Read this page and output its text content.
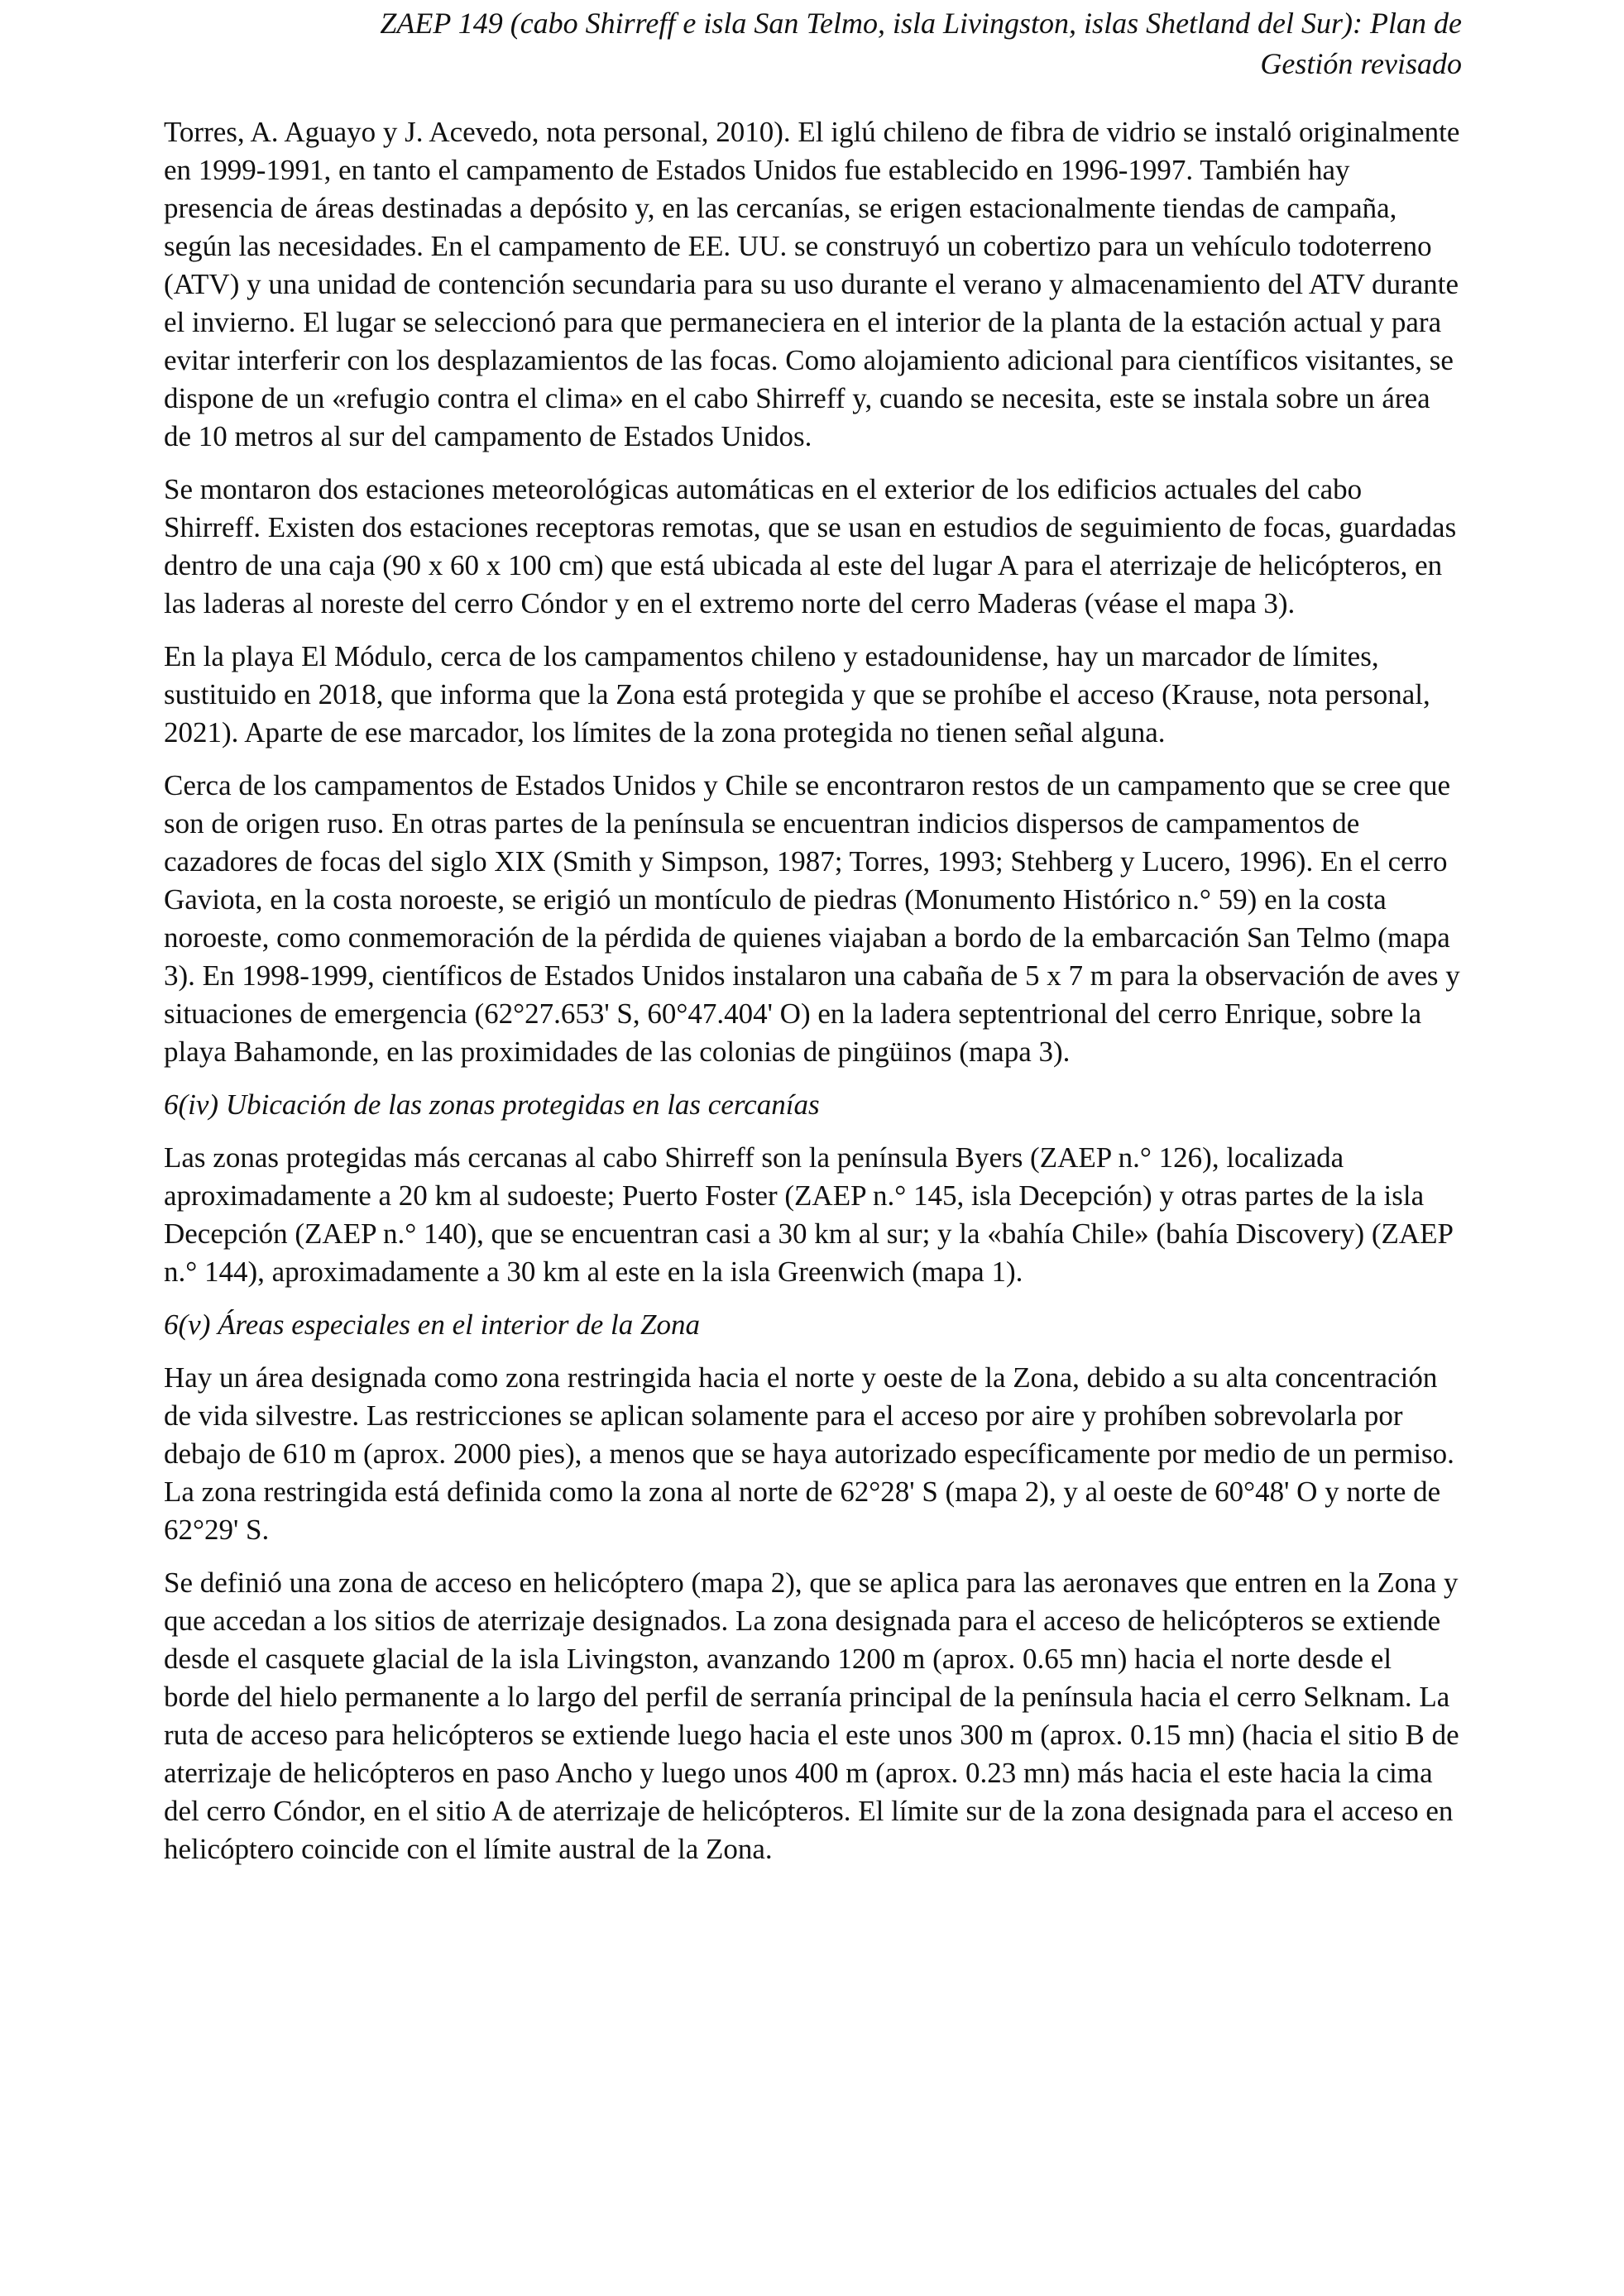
ZAEP 149 (cabo Shirreff e isla San Telmo, isla Livingston, islas Shetland del Sur): Plan de
Gestión revisado

Torres, A. Aguayo y J. Acevedo, nota personal, 2010). El iglú chileno de fibra de vidrio se instaló originalmente en 1999-1991, en tanto el campamento de Estados Unidos fue establecido en 1996-1997. También hay presencia de áreas destinadas a depósito y, en las cercanías, se erigen estacionalmente tiendas de campaña, según las necesidades. En el campamento de EE. UU. se construyó un cobertizo para un vehículo todoterreno (ATV) y una unidad de contención secundaria para su uso durante el verano y almacenamiento del ATV durante el invierno. El lugar se seleccionó para que permaneciera en el interior de la planta de la estación actual y para evitar interferir con los desplazamientos de las focas. Como alojamiento adicional para científicos visitantes, se dispone de un «refugio contra el clima» en el cabo Shirreff y, cuando se necesita, este se instala sobre un área de 10 metros al sur del campamento de Estados Unidos.

Se montaron dos estaciones meteorológicas automáticas en el exterior de los edificios actuales del cabo Shirreff. Existen dos estaciones receptoras remotas, que se usan en estudios de seguimiento de focas, guardadas dentro de una caja (90 x 60 x 100 cm) que está ubicada al este del lugar A para el aterrizaje de helicópteros, en las laderas al noreste del cerro Cóndor y en el extremo norte del cerro Maderas (véase el mapa 3).

En la playa El Módulo, cerca de los campamentos chileno y estadounidense, hay un marcador de límites, sustituido en 2018, que informa que la Zona está protegida y que se prohíbe el acceso (Krause, nota personal, 2021). Aparte de ese marcador, los límites de la zona protegida no tienen señal alguna.

Cerca de los campamentos de Estados Unidos y Chile se encontraron restos de un campamento que se cree que son de origen ruso. En otras partes de la península se encuentran indicios dispersos de campamentos de cazadores de focas del siglo XIX (Smith y Simpson, 1987; Torres, 1993; Stehberg y Lucero, 1996). En el cerro Gaviota, en la costa noroeste, se erigió un montículo de piedras (Monumento Histórico n.° 59) en la costa noroeste, como conmemoración de la pérdida de quienes viajaban a bordo de la embarcación San Telmo (mapa 3). En 1998-1999, científicos de Estados Unidos instalaron una cabaña de 5 x 7 m para la observación de aves y situaciones de emergencia (62°27.653' S, 60°47.404' O) en la ladera septentrional del cerro Enrique, sobre la playa Bahamonde, en las proximidades de las colonias de pingüinos (mapa 3).

6(iv) Ubicación de las zonas protegidas en las cercanías

Las zonas protegidas más cercanas al cabo Shirreff son la península Byers (ZAEP n.° 126), localizada aproximadamente a 20 km al sudoeste; Puerto Foster (ZAEP n.° 145, isla Decepción) y otras partes de la isla Decepción (ZAEP n.° 140), que se encuentran casi a 30 km al sur; y la «bahía Chile» (bahía Discovery) (ZAEP n.° 144), aproximadamente a 30 km al este en la isla Greenwich (mapa 1).

6(v) Áreas especiales en el interior de la Zona

Hay un área designada como zona restringida hacia el norte y oeste de la Zona, debido a su alta concentración de vida silvestre. Las restricciones se aplican solamente para el acceso por aire y prohíben sobrevolarla por debajo de 610 m (aprox. 2000 pies), a menos que se haya autorizado específicamente por medio de un permiso. La zona restringida está definida como la zona al norte de 62°28' S (mapa 2), y al oeste de 60°48' O y norte de 62°29' S.

Se definió una zona de acceso en helicóptero (mapa 2), que se aplica para las aeronaves que entren en la Zona y que accedan a los sitios de aterrizaje designados. La zona designada para el acceso de helicópteros se extiende desde el casquete glacial de la isla Livingston, avanzando 1200 m (aprox. 0.65 mn) hacia el norte desde el borde del hielo permanente a lo largo del perfil de serranía principal de la península hacia el cerro Selknam. La ruta de acceso para helicópteros se extiende luego hacia el este unos 300 m (aprox. 0.15 mn) (hacia el sitio B de aterrizaje de helicópteros en paso Ancho y luego unos 400 m (aprox. 0.23 mn) más hacia el este hacia la cima del cerro Cóndor, en el sitio A de aterrizaje de helicópteros. El límite sur de la zona designada para el acceso en helicóptero coincide con el límite austral de la Zona.
